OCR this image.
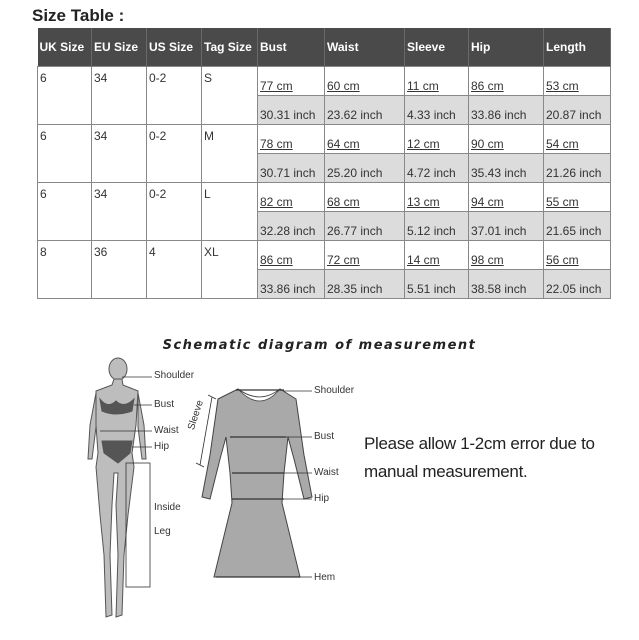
Size Table :
UK Size	EU Size	US Size	Tag Size	Bust	Waist	Sleeve	Hip	Length
6	34	0-2	S	77 cm	60 cm	11 cm	86 cm	53 cm
				30.31 inch	23.62 inch	4.33 inch	33.86 inch	20.87 inch
6	34	0-2	M	78 cm	64 cm	12 cm	90 cm	54 cm
				30.71 inch	25.20 inch	4.72 inch	35.43 inch	21.26 inch
6	34	0-2	L	82 cm	68 cm	13 cm	94 cm	55 cm
				32.28 inch	26.77 inch	5.12 inch	37.01 inch	21.65 inch
8	36	4	XL	86 cm	72 cm	14 cm	98 cm	56 cm
				33.86 inch	28.35 inch	5.51 inch	38.58 inch	22.05 inch
Schematic diagram of measurement
Shoulder
Bust
Waist
Hip
Inside
Leg
Shoulder
Bust
Waist
Hip
Hem
Sleeve
Please allow 1-2cm error due to manual measurement.
